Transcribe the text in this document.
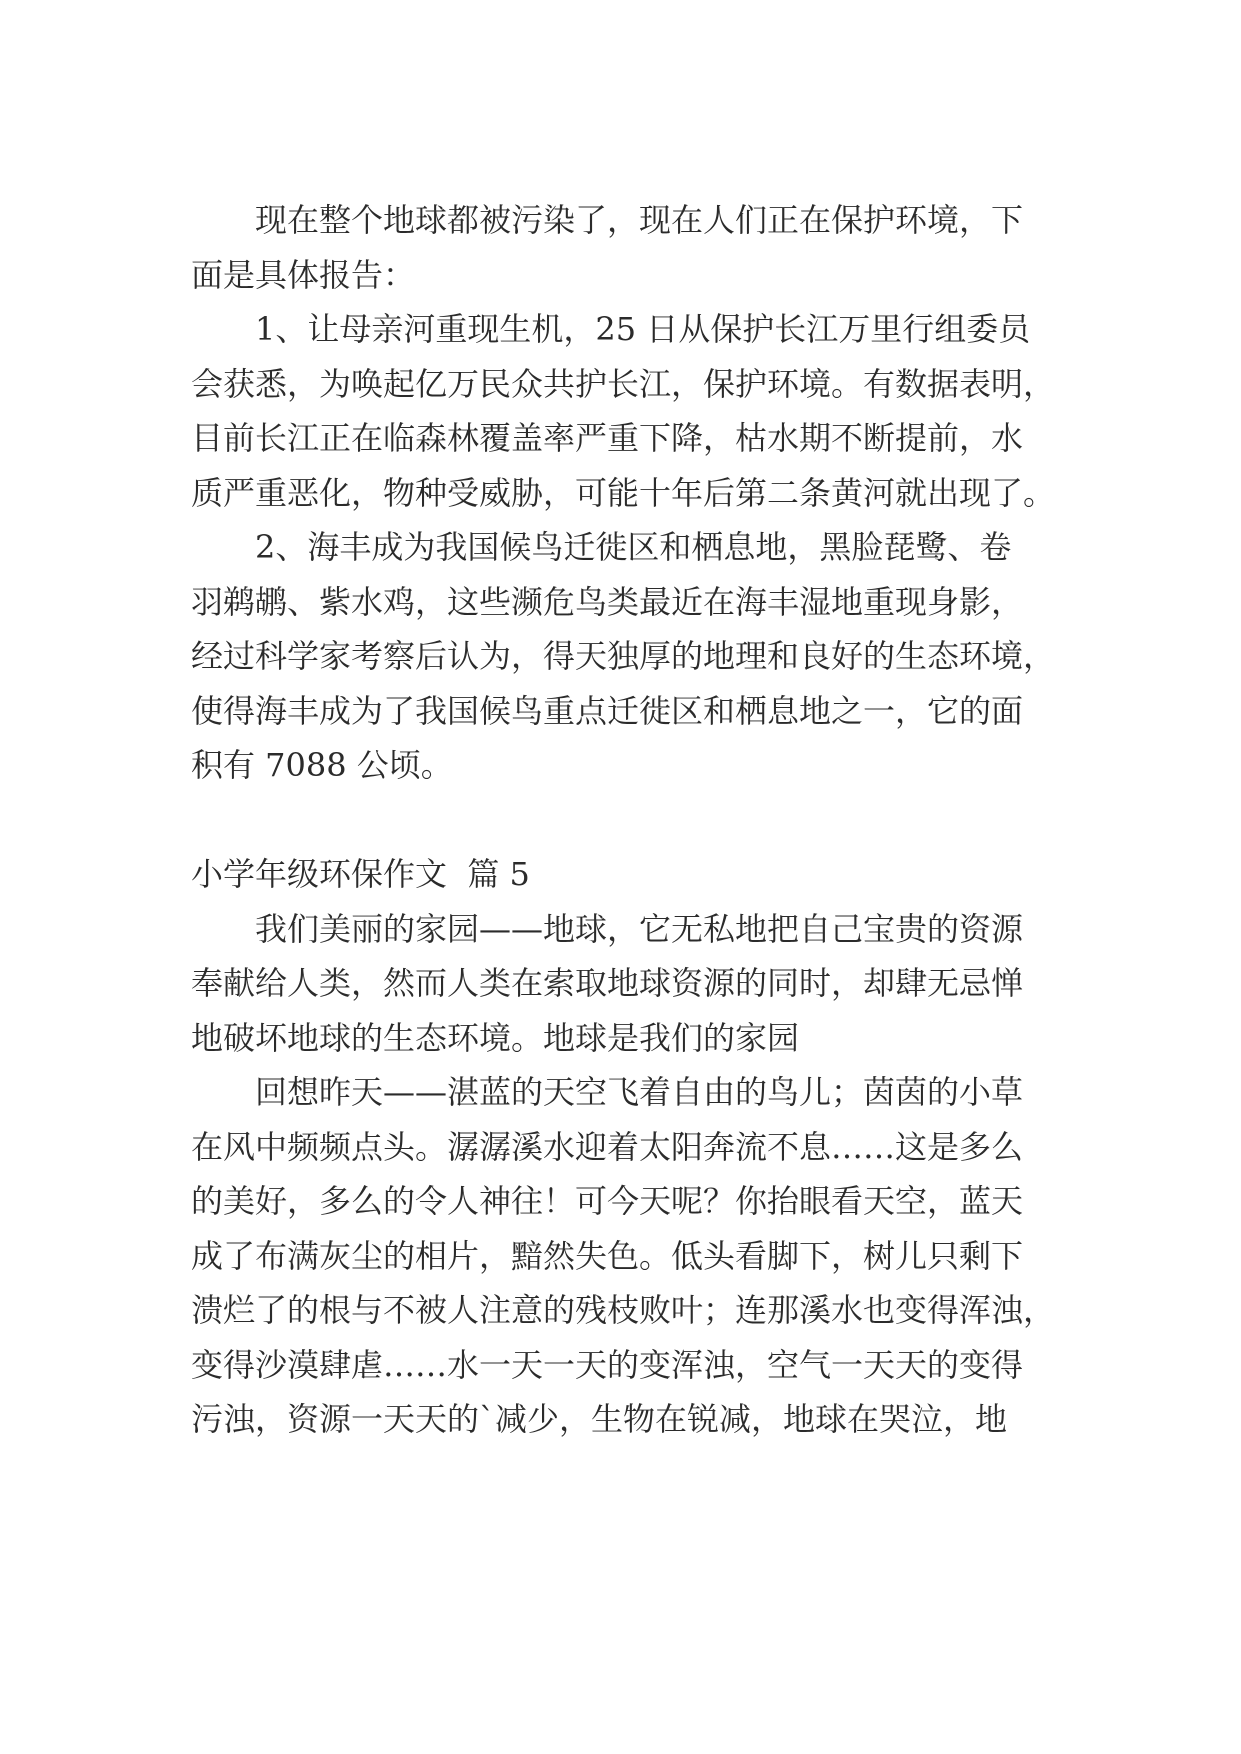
　　现在整个地球都被污染了，现在人们正在保护环境，下

面是具体报告：

　　1、让母亲河重现生机，25 日从保护长江万里行组委员

会获悉，为唤起亿万民众共护长江，保护环境。有数据表明，

目前长江正在临森林覆盖率严重下降，枯水期不断提前，水

质严重恶化，物种受威胁，可能十年后第二条黄河就出现了。

　　2、海丰成为我国候鸟迁徙区和栖息地，黑脸琵鹭、卷

羽鹈鹕、紫水鸡，这些濒危鸟类最近在海丰湿地重现身影，

经过科学家考察后认为，得天独厚的地理和良好的生态环境，

使得海丰成为了我国候鸟重点迁徙区和栖息地之一，它的面

积有 7088 公顷。

小学年级环保作文  篇 5

　　我们美丽的家园——地球，它无私地把自己宝贵的资源

奉献给人类，然而人类在索取地球资源的同时，却肆无忌惮

地破坏地球的生态环境。地球是我们的家园

　　回想昨天——湛蓝的天空飞着自由的鸟儿；茵茵的小草

在风中频频点头。潺潺溪水迎着太阳奔流不息……这是多么

的美好，多么的令人神往！可今天呢？你抬眼看天空，蓝天

成了布满灰尘的相片，黯然失色。低头看脚下，树儿只剩下

溃烂了的根与不被人注意的残枝败叶；连那溪水也变得浑浊，

变得沙漠肆虐……水一天一天的变浑浊，空气一天天的变得

污浊，资源一天天的`减少，生物在锐减，地球在哭泣，地
